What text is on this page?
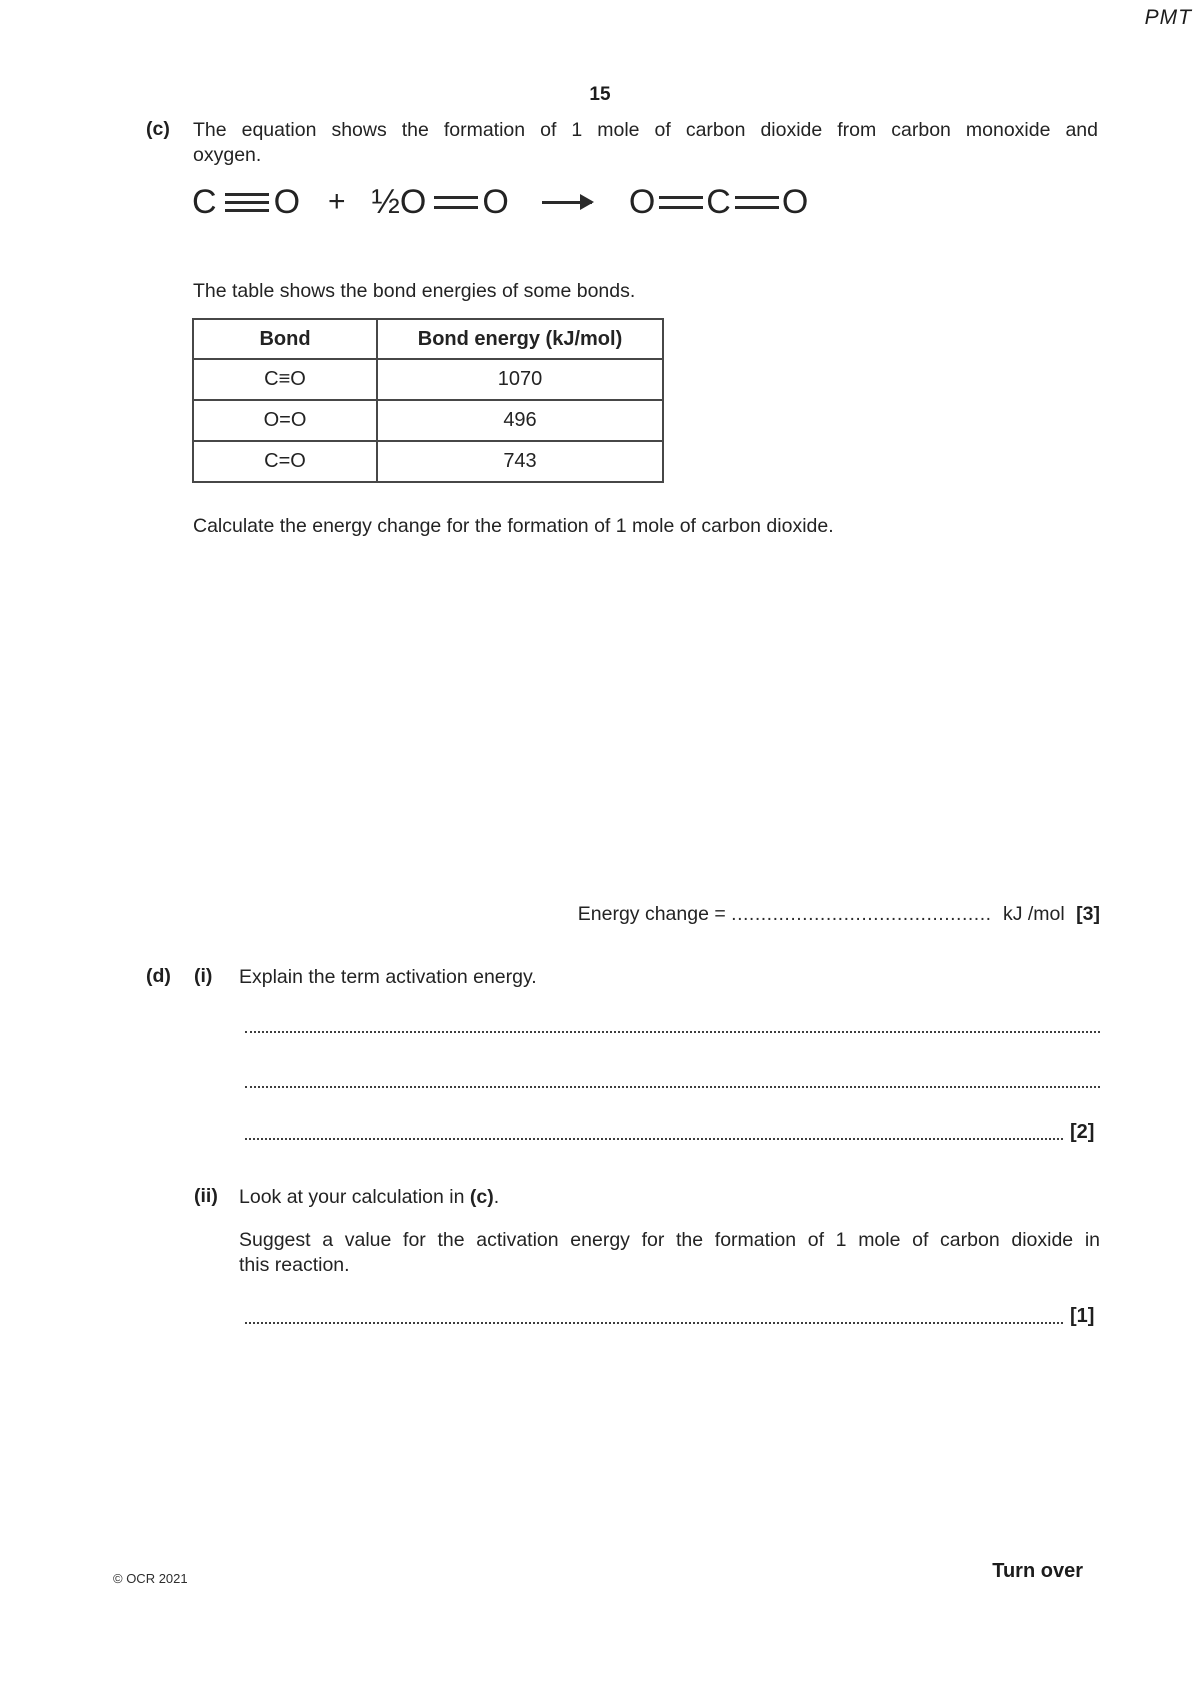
PMT
15
(c) The equation shows the formation of 1 mole of carbon dioxide from carbon monoxide and
oxygen.
C O + ½O O	O C O
The table shows the bond energies of some bonds.
Bond	Bond energy (kJ/mol)
C≡O	1070
O=O	496
C=O	743
Calculate the energy change for the formation of 1 mole of carbon dioxide.
Energy change = ............................................ kJ /mol [3]
(d) (i) Explain the term activation energy.
[2]
(ii) Look at your calculation in (c).
Suggest a value for the activation energy for the formation of 1 mole of carbon dioxide in
this reaction.
[1]
© OCR 2021	Turn over
